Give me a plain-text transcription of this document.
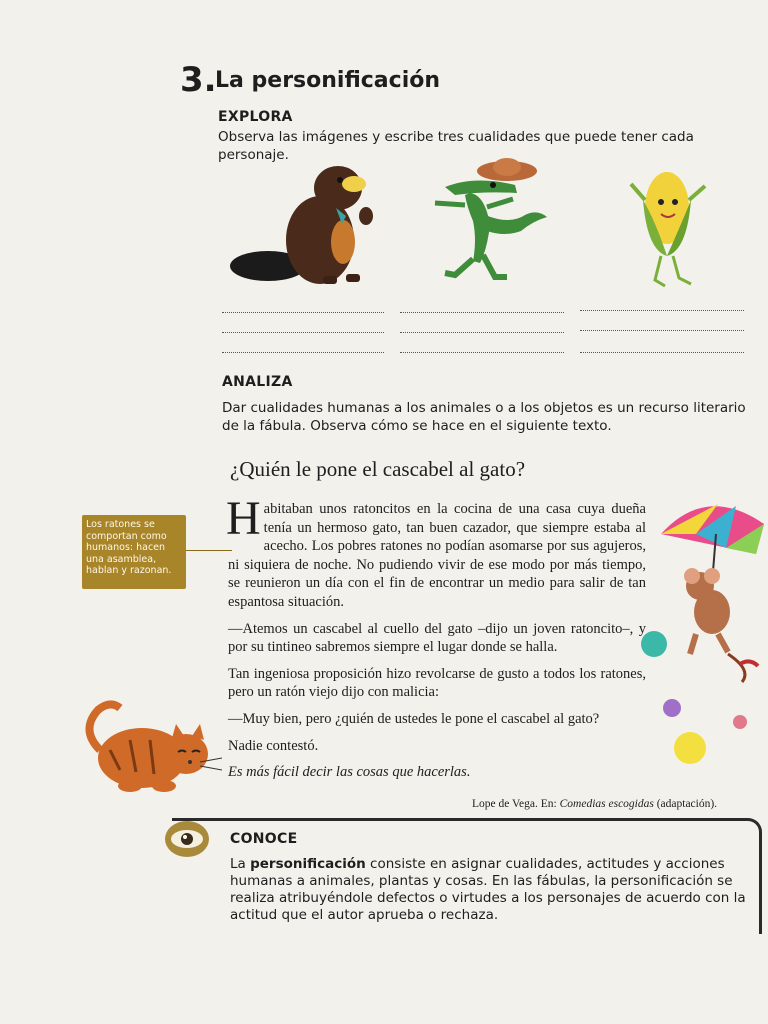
3.
La personificación
EXPLORA
Observa las imágenes y escribe tres cualidades que puede tener cada personaje.
ANALIZA
Dar cualidades humanas a los animales o a los objetos es un recurso literario de la fábula. Observa cómo se hace en el siguiente texto.
¿Quién le pone el cascabel al gato?

Habitaban unos ratoncitos en la cocina de una casa cuya dueña tenía un hermoso gato, tan buen cazador, que siempre estaba al acecho. Los pobres ratones no podían asomarse por sus agujeros, ni siquiera de noche. No pudiendo vivir de ese modo por más tiempo, se reunieron un día con el fin de encontrar un medio para salir de tan espantosa situación.

—Atemos un cascabel al cuello del gato –dijo un joven ratoncito–, y por su tintineo sabremos siempre el lugar donde se halla.

Tan ingeniosa proposición hizo revolcarse de gusto a todos los ratones, pero un ratón viejo dijo con malicia:

—Muy bien, pero ¿quién de ustedes le pone el cascabel al gato?

Nadie contestó.

Es más fácil decir las cosas que hacerlas.

Lope de Vega. En: Comedias escogidas (adaptación).
Los ratones se comportan como humanos: hacen una asamblea, hablan y razonan.
CONOCE
La personificación consiste en asignar cualidades, actitudes y acciones humanas a animales, plantas y cosas. En las fábulas, la personificación se realiza atribuyéndole defectos o virtudes a los personajes de acuerdo con la actitud que el autor aprueba o rechaza.
